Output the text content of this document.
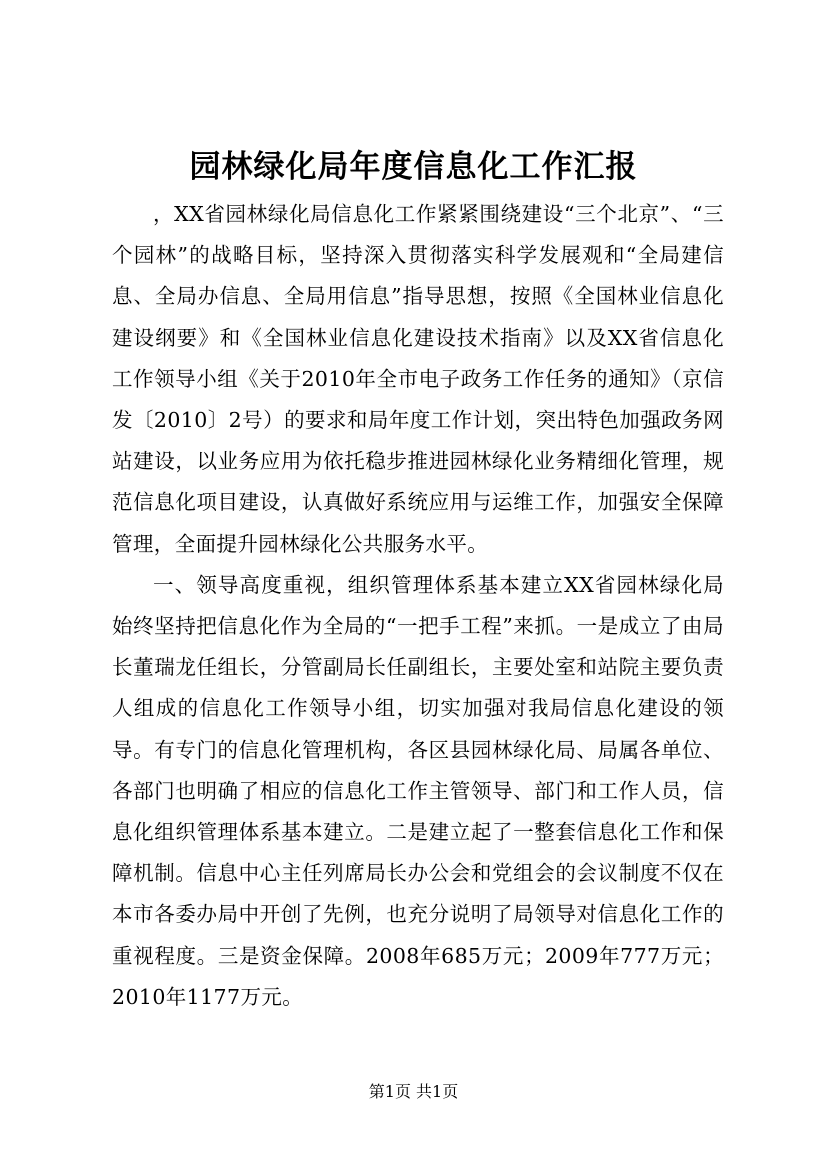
园林绿化局年度信息化工作汇报

，XX省园林绿化局信息化工作紧紧围绕建设“三个北京”、“三个园林”的战略目标，坚持深入贯彻落实科学发展观和“全局建信息、全局办信息、全局用信息”指导思想，按照《全国林业信息化建设纲要》和《全国林业信息化建设技术指南》以及XX省信息化工作领导小组《关于2010年全市电子政务工作任务的通知》（京信发〔2010〕2号）的要求和局年度工作计划，突出特色加强政务网站建设，以业务应用为依托稳步推进园林绿化业务精细化管理，规范信息化项目建设，认真做好系统应用与运维工作，加强安全保障管理，全面提升园林绿化公共服务水平。

一、领导高度重视，组织管理体系基本建立XX省园林绿化局始终坚持把信息化作为全局的“一把手工程”来抓。一是成立了由局长董瑞龙任组长，分管副局长任副组长，主要处室和站院主要负责人组成的信息化工作领导小组，切实加强对我局信息化建设的领导。有专门的信息化管理机构，各区县园林绿化局、局属各单位、各部门也明确了相应的信息化工作主管领导、部门和工作人员，信息化组织管理体系基本建立。二是建立起了一整套信息化工作和保障机制。信息中心主任列席局长办公会和党组会的会议制度不仅在本市各委办局中开创了先例，也充分说明了局领导对信息化工作的重视程度。三是资金保障。2008年685万元；2009年777万元；2010年1177万元。

第1页 共1页
